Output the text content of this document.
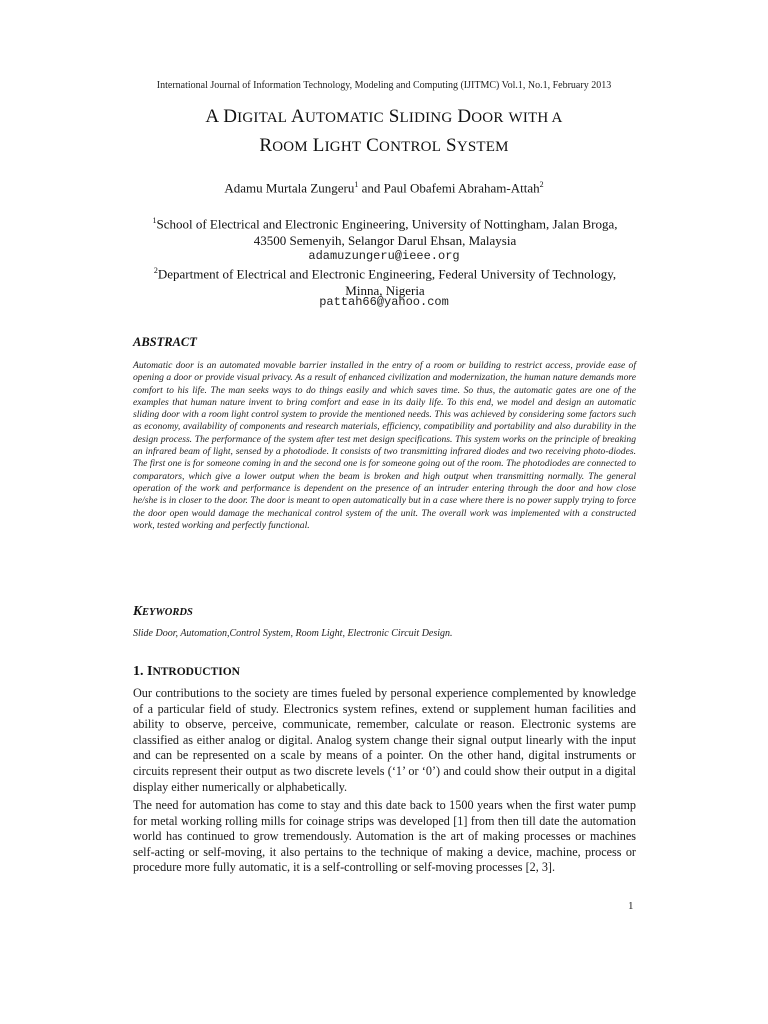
International Journal of Information Technology, Modeling and Computing (IJITMC) Vol.1, No.1, February 2013
A DIGITAL AUTOMATIC SLIDING DOOR WITH A
ROOM LIGHT CONTROL SYSTEM
Adamu Murtala Zungeru$^1$ and Paul Obafemi Abraham-Attah$^2$
$^1$School of Electrical and Electronic Engineering, University of Nottingham, Jalan Broga, 43500 Semenyih, Selangor Darul Ehsan, Malaysia
adamuzungeru@ieee.org
$^2$Department of Electrical and Electronic Engineering, Federal University of Technology, Minna, Nigeria
pattah66@yahoo.com
ABSTRACT
Automatic door is an automated movable barrier installed in the entry of a room or building to restrict access, provide ease of opening a door or provide visual privacy. As a result of enhanced civilization and modernization, the human nature demands more comfort to his life. The man seeks ways to do things easily and which saves time. So thus, the automatic gates are one of the examples that human nature invent to bring comfort and ease in its daily life. To this end, we model and design an automatic sliding door with a room light control system to provide the mentioned needs. This was achieved by considering some factors such as economy, availability of components and research materials, efficiency, compatibility and portability and also durability in the design process. The performance of the system after test met design specifications. This system works on the principle of breaking an infrared beam of light, sensed by a photodiode. It consists of two transmitting infrared diodes and two receiving photo-diodes. The first one is for someone coming in and the second one is for someone going out of the room. The photodiodes are connected to comparators, which give a lower output when the beam is broken and high output when transmitting normally. The general operation of the work and performance is dependent on the presence of an intruder entering through the door and how close he/she is in closer to the door. The door is meant to open automatically but in a case where there is no power supply trying to force the door open would damage the mechanical control system of the unit. The overall work was implemented with a constructed work, tested working and perfectly functional.
KEYWORDS
Slide Door, Automation,Control System, Room Light, Electronic Circuit Design.
1. INTRODUCTION
Our contributions to the society are times fueled by personal experience complemented by knowledge of a particular field of study. Electronics system refines, extend or supplement human facilities and ability to observe, perceive, communicate, remember, calculate or reason. Electronic systems are classified as either analog or digital. Analog system change their signal output linearly with the input and can be represented on a scale by means of a pointer. On the other hand, digital instruments or circuits represent their output as two discrete levels (‘1’ or ‘0’) and could show their output in a digital display either numerically or alphabetically.
The need for automation has come to stay and this date back to 1500 years when the first water pump for metal working rolling mills for coinage strips was developed [1] from then till date the automation world has continued to grow tremendously. Automation is the art of making processes or machines self-acting or self-moving, it also pertains to the technique of making a device, machine, process or procedure more fully automatic, it is a self-controlling or self-moving processes [2, 3].
1
